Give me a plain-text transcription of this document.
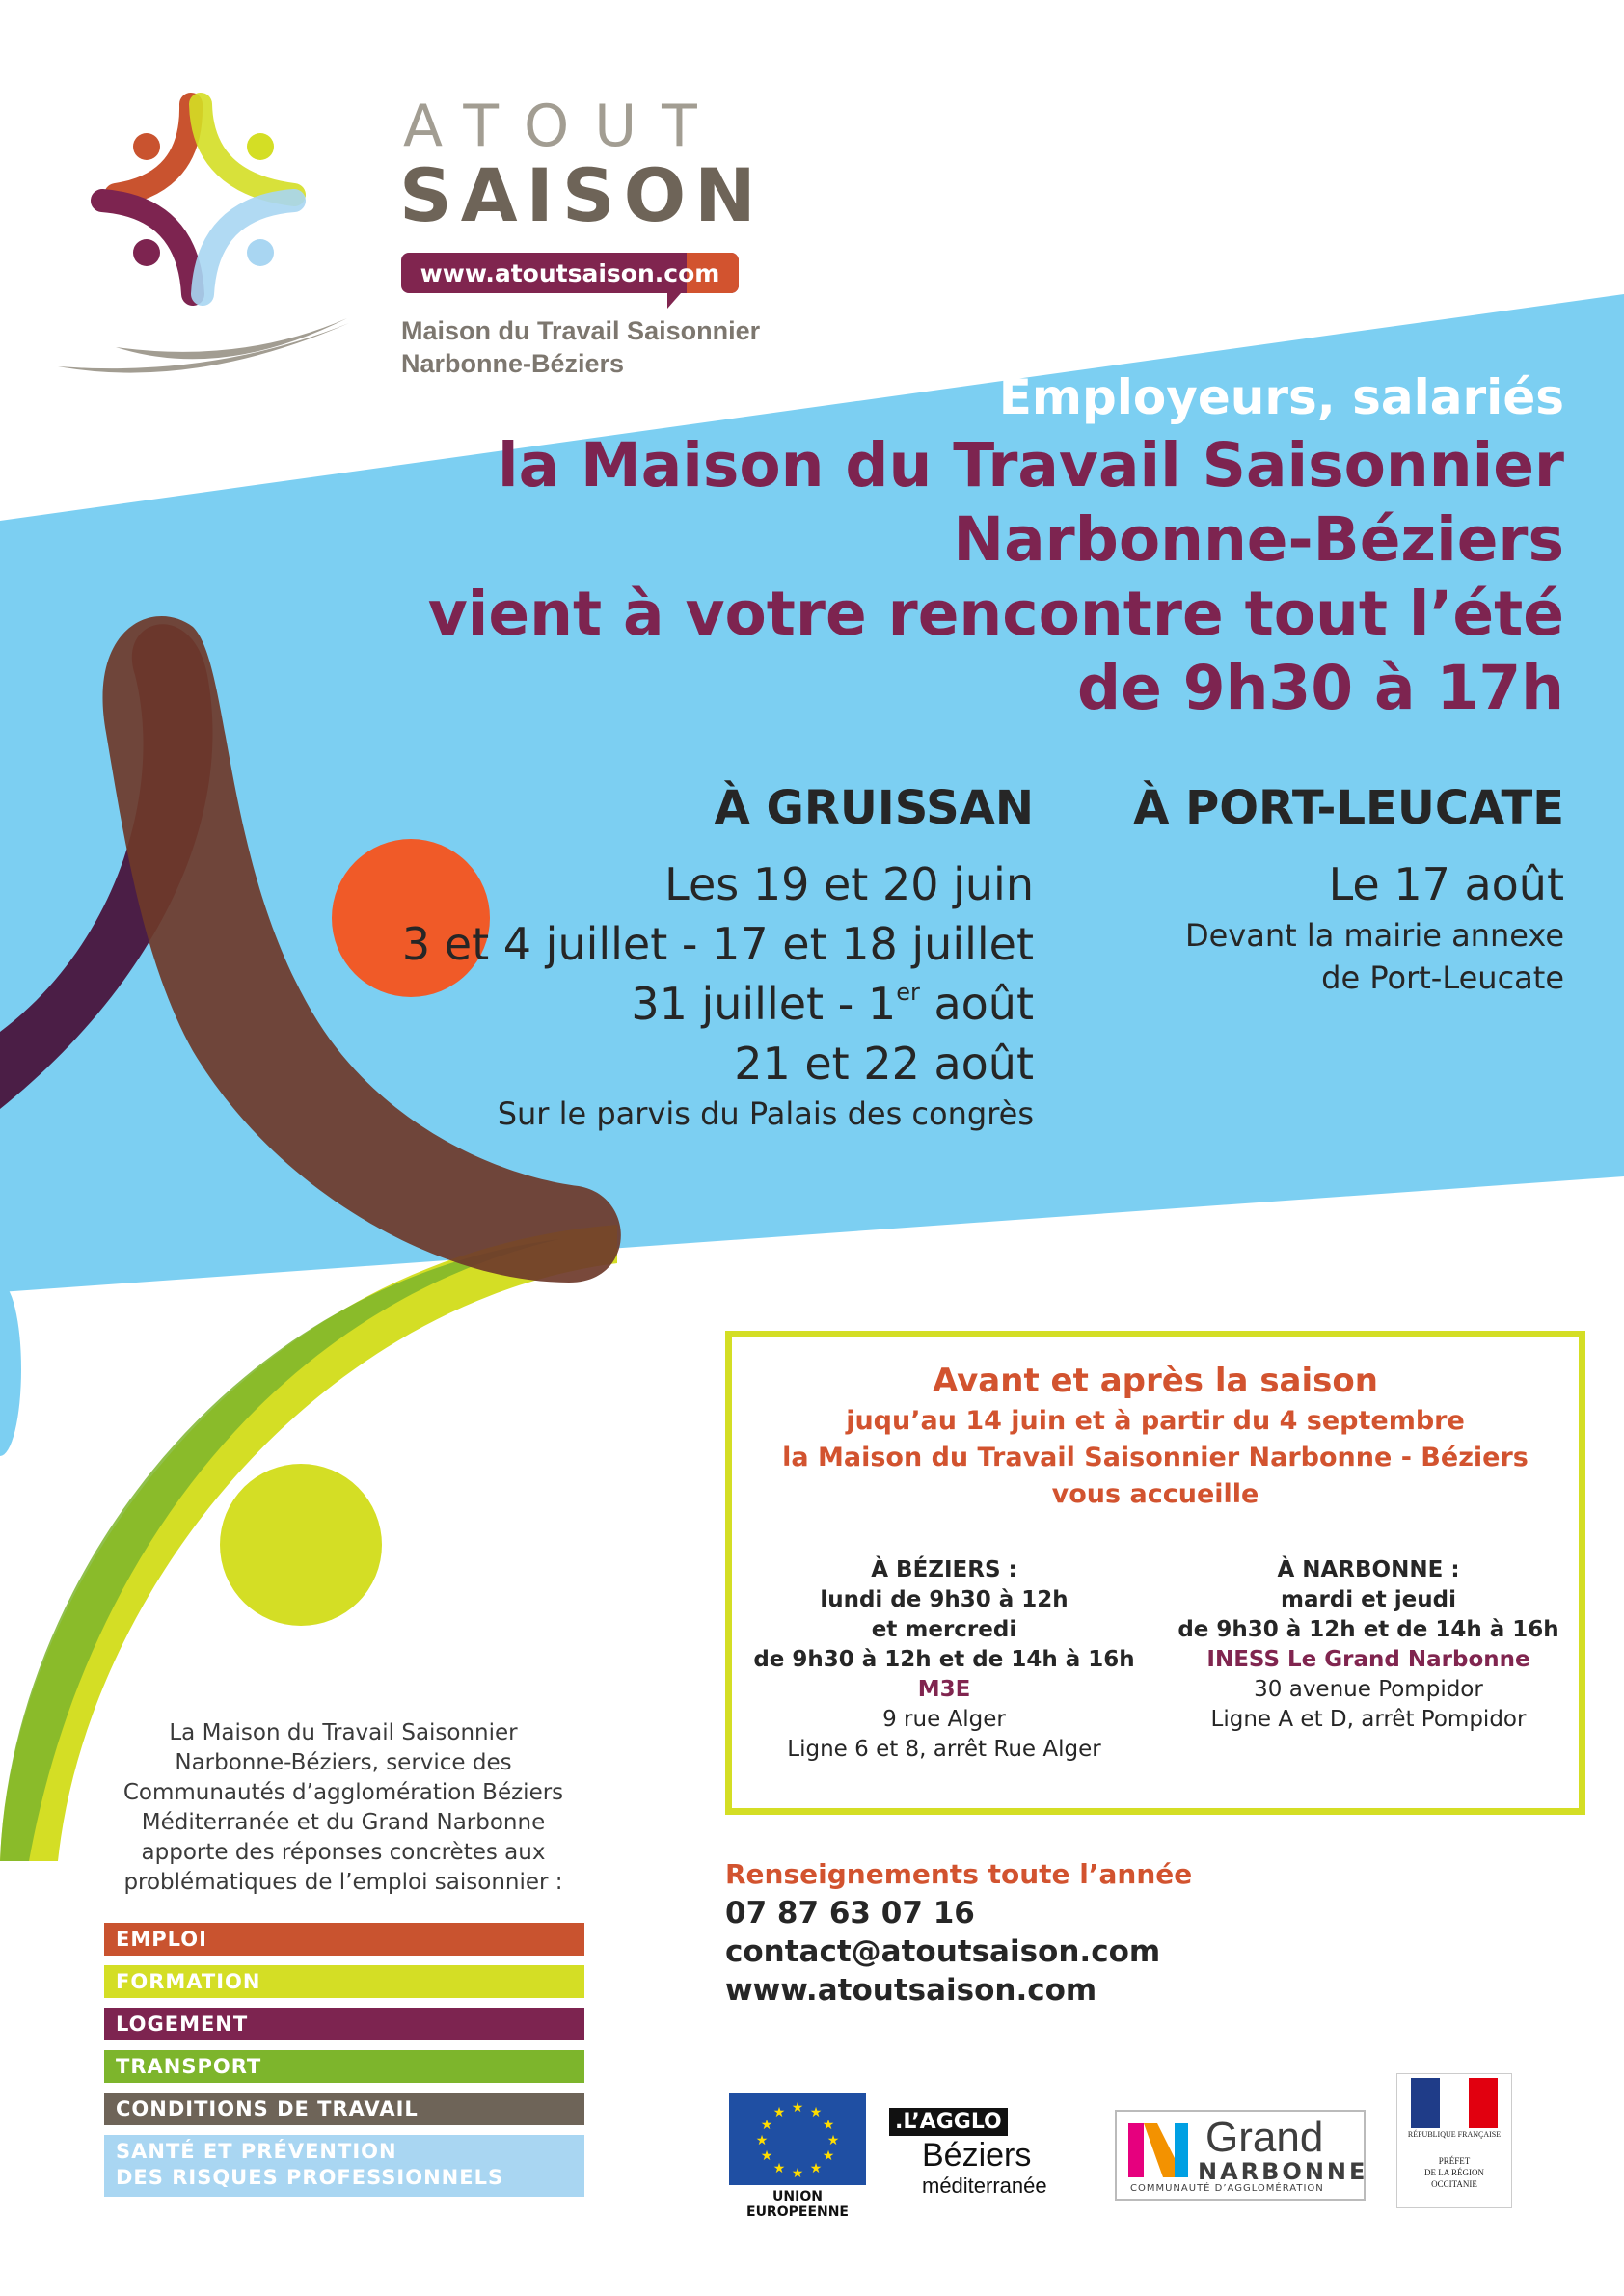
ATOUT
SAISON
www.atoutsaison.com
Maison du Travail Saisonnier
Narbonne-Béziers
Employeurs, salariés
la Maison du Travail Saisonnier
Narbonne-Béziers
vient à votre rencontre tout l’été
de 9h30 à 17h
À GRUISSAN
Les 19 et 20 juin
3 et 4 juillet - 17 et 18 juillet
31 juillet - 1er août
21 et 22 août
Sur le parvis du Palais des congrès
À PORT-LEUCATE
Le 17 août
Devant la mairie annexe
de Port-Leucate
Avant et après la saison
juqu’au 14 juin et à partir du 4 septembre
la Maison du Travail Saisonnier Narbonne - Béziers
vous accueille
À BÉZIERS :
lundi de 9h30 à 12h
et mercredi
de 9h30 à 12h et de 14h à 16h
M3E
9 rue Alger
Ligne 6 et 8, arrêt Rue Alger
À NARBONNE :
mardi et jeudi
de 9h30 à 12h et de 14h à 16h
INESS Le Grand Narbonne
30 avenue Pompidor
Ligne A et D, arrêt Pompidor
La Maison du Travail Saisonnier
Narbonne-Béziers, service des
Communautés d’agglomération Béziers
Méditerranée et du Grand Narbonne
apporte des réponses concrètes aux
problématiques de l’emploi saisonnier :
EMPLOI
FORMATION
LOGEMENT
TRANSPORT
CONDITIONS DE TRAVAIL
SANTÉ ET PRÉVENTION
DES RISQUES PROFESSIONNELS
Renseignements toute l’année
07 87 63 07 16
contact@atoutsaison.com
www.atoutsaison.com
★ ★
★
★
★
★
★
★
★
★
★
★
UNION EUROPEENNE
.L’AGGLO
Béziers
méditerranée
Grand
NARBONNE
COMMUNAUTÉ D’AGGLOMÉRATION
RÉPUBLIQUE FRANÇAISE
PRÉFET
DE LA RÉGION
OCCITANIE
